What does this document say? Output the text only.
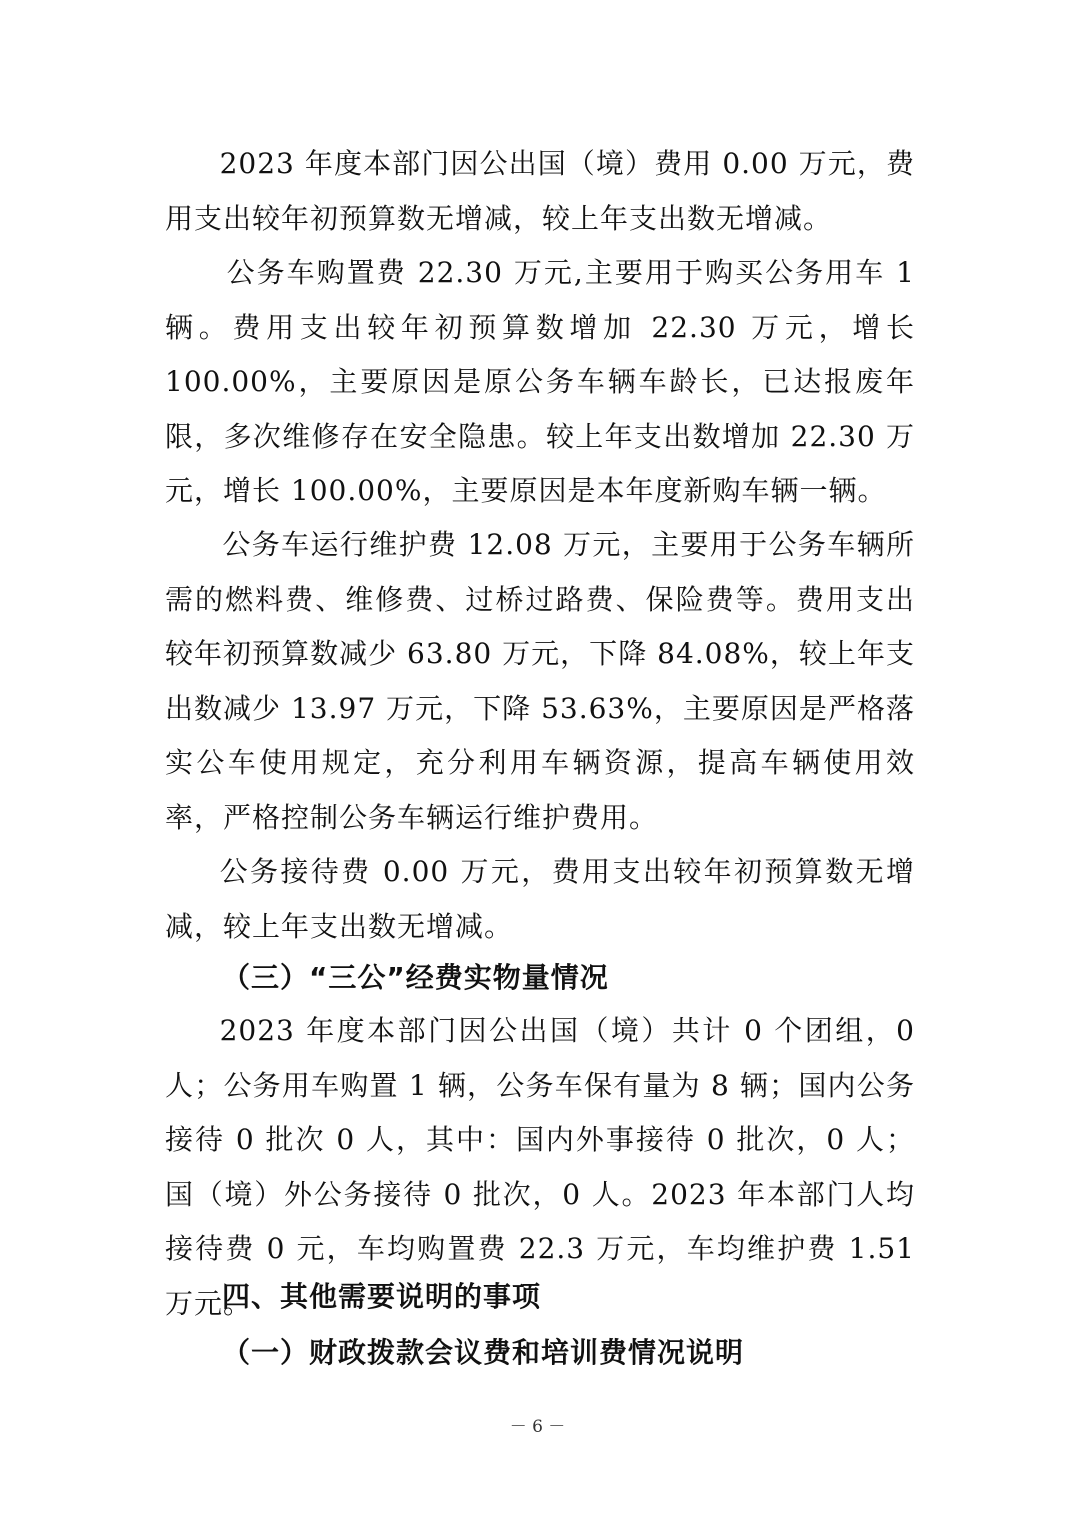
2023 年度本部门因公出国（境）费用 0.00 万元，费用支出较年初预算数无增减，较上年支出数无增减。

公务车购置费 22.30 万元,主要用于购买公务用车 1 辆。费用支出较年初预算数增加 22.30 万元，增长 100.00%，主要原因是原公务车辆车龄长，已达报废年限，多次维修存在安全隐患。较上年支出数增加 22.30 万元，增长 100.00%，主要原因是本年度新购车辆一辆。

公务车运行维护费 12.08 万元，主要用于公务车辆所需的燃料费、维修费、过桥过路费、保险费等。费用支出较年初预算数减少 63.80 万元，下降 84.08%，较上年支出数减少 13.97 万元，下降 53.63%，主要原因是严格落实公车使用规定，充分利用车辆资源，提高车辆使用效率，严格控制公务车辆运行维护费用。

公务接待费 0.00 万元，费用支出较年初预算数无增减，较上年支出数无增减。

（三）“三公”经费实物量情况

2023 年度本部门因公出国（境）共计 0 个团组，0 人；公务用车购置 1 辆，公务车保有量为 8 辆；国内公务接待 0 批次 0 人，其中：国内外事接待 0 批次，0 人；国（境）外公务接待 0 批次，0 人。2023 年本部门人均接待费 0 元，车均购置费 22.3 万元，车均维护费 1.51 万元。

四、其他需要说明的事项
（一）财政拨款会议费和培训费情况说明
－ 6 －
